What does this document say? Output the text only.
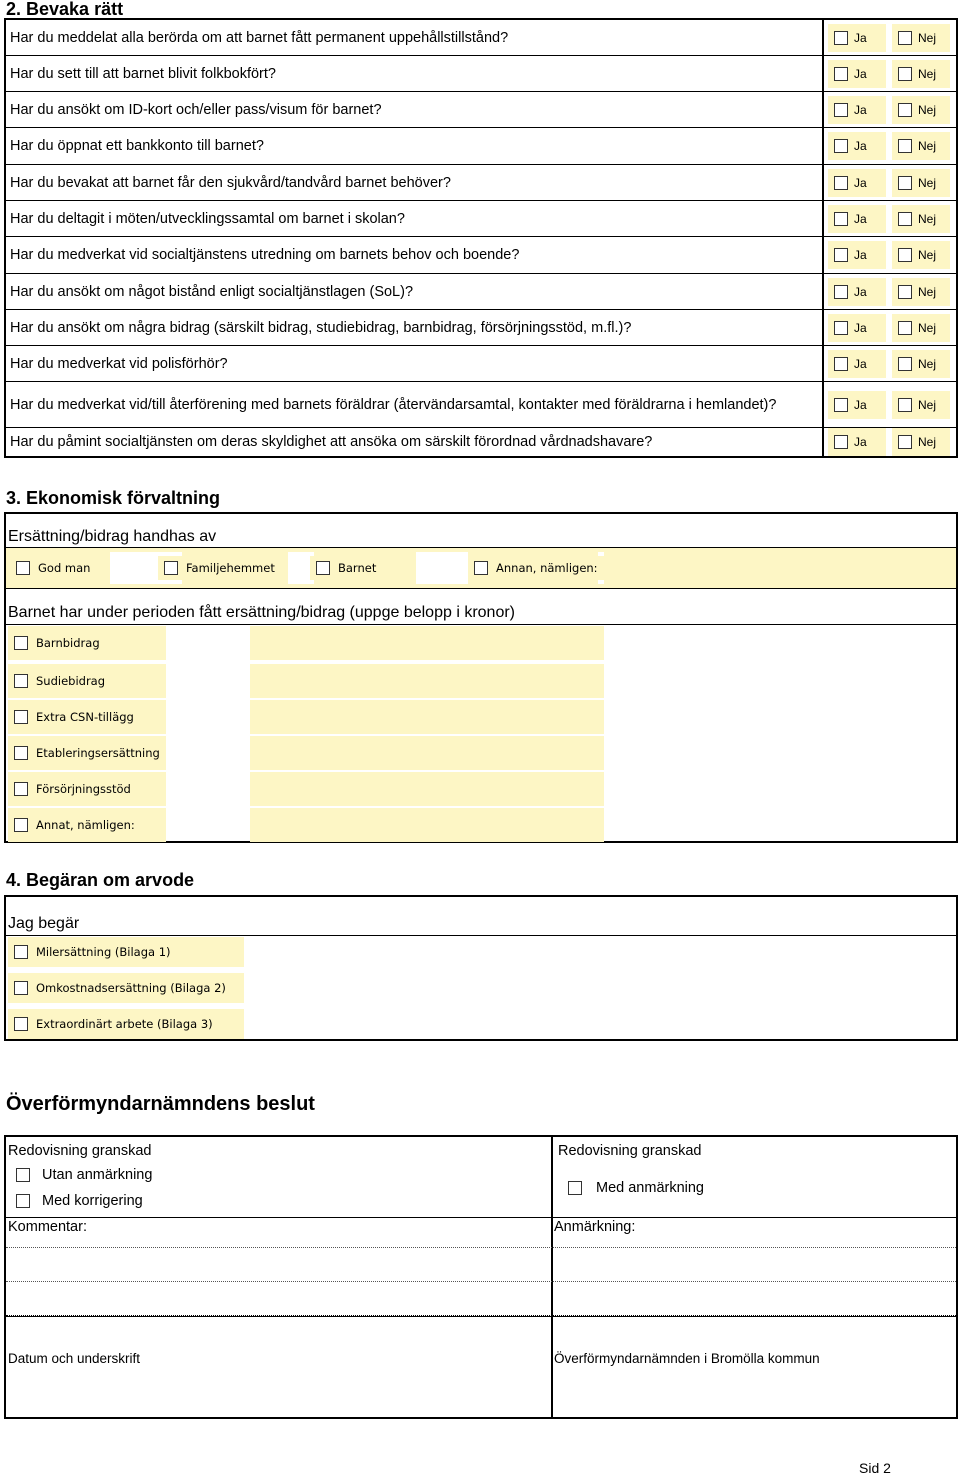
2. Bevaka rätt
Har du meddelat alla berörda om att barnet fått permanent uppehållstillstånd?	Ja	Nej
Har du sett till att barnet blivit folkbokfört?	Ja	Nej
Har du ansökt om ID-kort och/eller pass/visum för barnet?	Ja	Nej
Har du öppnat ett bankkonto till barnet?	Ja	Nej
Har du bevakat att barnet får den sjukvård/tandvård barnet behöver?	Ja	Nej
Har du deltagit i möten/utvecklingssamtal om barnet i skolan?	Ja	Nej
Har du medverkat vid socialtjänstens utredning om barnets behov och boende?	Ja	Nej
Har du ansökt om något bistånd enligt socialtjänstlagen (SoL)?	Ja	Nej
Har du ansökt om några bidrag (särskilt bidrag, studiebidrag, barnbidrag, försörjningsstöd, m.fl.)?	Ja	Nej
Har du medverkat vid polisförhör?	Ja	Nej
Har du medverkat vid/till återförening med barnets föräldrar (återvändarsamtal, kontakter med föräldrarna i hemlandet)?	Ja	Nej
Har du påmint socialtjänsten om deras skyldighet att ansöka om särskilt förordnad vårdnadshavare?	Ja	Nej
3. Ekonomisk förvaltning
Ersättning/bidrag handhas av
God man	Familjehemmet	Barnet	Annan, nämligen:
Barnet har under perioden fått ersättning/bidrag (uppge belopp i kronor)
Barnbidrag
Sudiebidrag
Extra CSN-tillägg
Etableringsersättning
Försörjningsstöd
Annat, nämligen:
4. Begäran om arvode
Jag begär
Milersättning (Bilaga 1)
Omkostnadsersättning (Bilaga 2)
Extraordinärt arbete (Bilaga 3)
Överförmyndarnämndens beslut
Redovisning granskad	Redovisning granskad
Utan anmärkning
Med korrigering
Med anmärkning
Kommentar:	Anmärkning:
Datum och underskrift	Överförmyndarnämnden i Bromölla kommun
Sid 2
